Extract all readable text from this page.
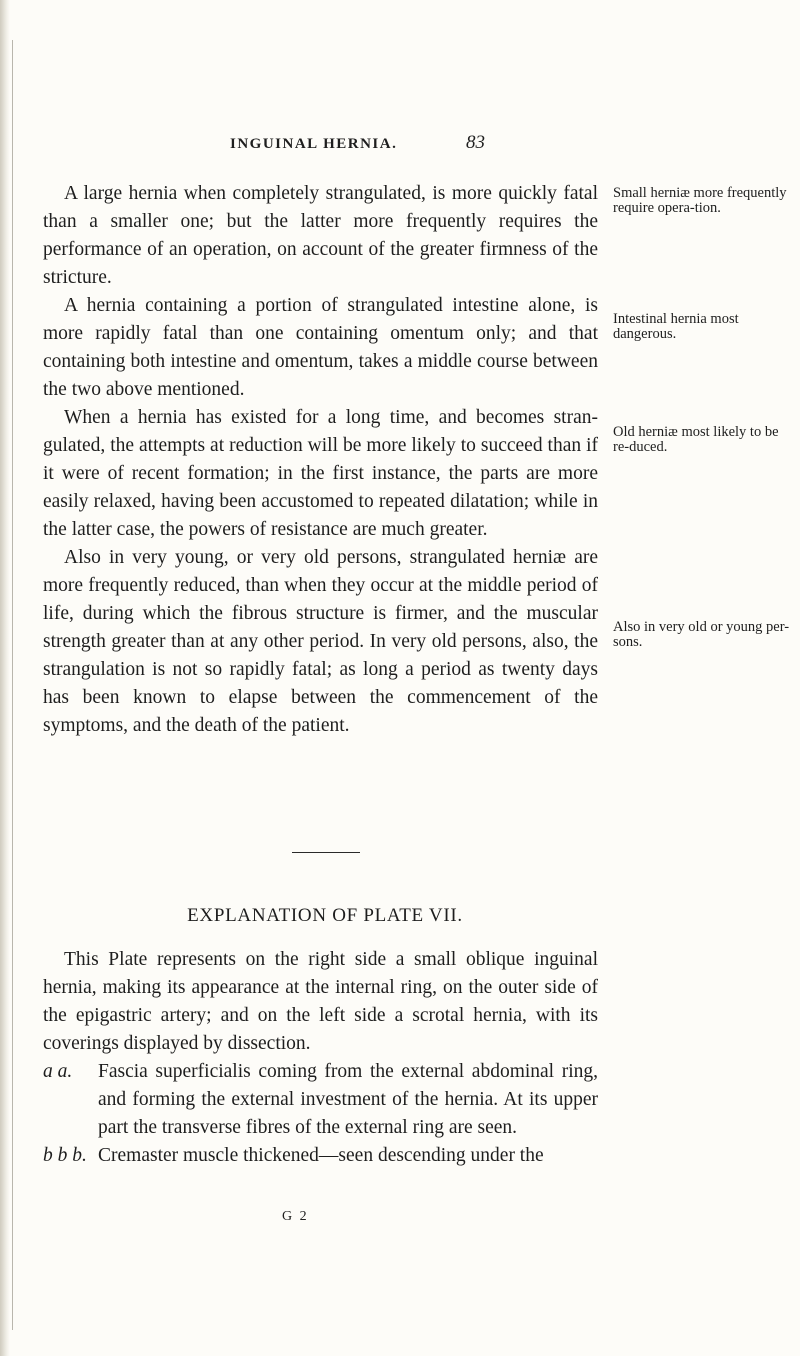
INGUINAL HERNIA.	83

A large hernia when completely strangulated, is more quickly fatal than a smaller one; but the latter more frequently requires the performance of an operation, on account of the greater firmness of the stricture.

A hernia containing a portion of strangulated intestine alone, is more rapidly fatal than one containing omentum only; and that containing both intestine and omentum, takes a middle course between the two above mentioned.

When a hernia has existed for a long time, and becomes strangulated, the attempts at reduction will be more likely to succeed than if it were of recent formation; in the first instance, the parts are more easily relaxed, having been accustomed to repeated dilatation; while in the latter case, the powers of resistance are much greater.

Also in very young, or very old persons, strangulated herniæ are more frequently reduced, than when they occur at the middle period of life, during which the fibrous structure is firmer, and the muscular strength greater than at any other period. In very old persons, also, the strangulation is not so rapidly fatal; as long a period as twenty days has been known to elapse between the commencement of the symptoms, and the death of the patient.

Small herniæ more frequently require opera-tion.
Intestinal hernia most dangerous.
Old herniæ most likely to be re-duced.
Also in very old or young per-sons.
EXPLANATION OF PLATE VII.

This Plate represents on the right side a small oblique inguinal hernia, making its appearance at the internal ring, on the outer side of the epigastric artery; and on the left side a scrotal hernia, with its coverings displayed by dissection.

a a.	Fascia superficialis coming from the external abdominal ring, and forming the external investment of the hernia. At its upper part the transverse fibres of the external ring are seen.
b b b. Cremaster muscle thickened—seen descending under the
G 2
